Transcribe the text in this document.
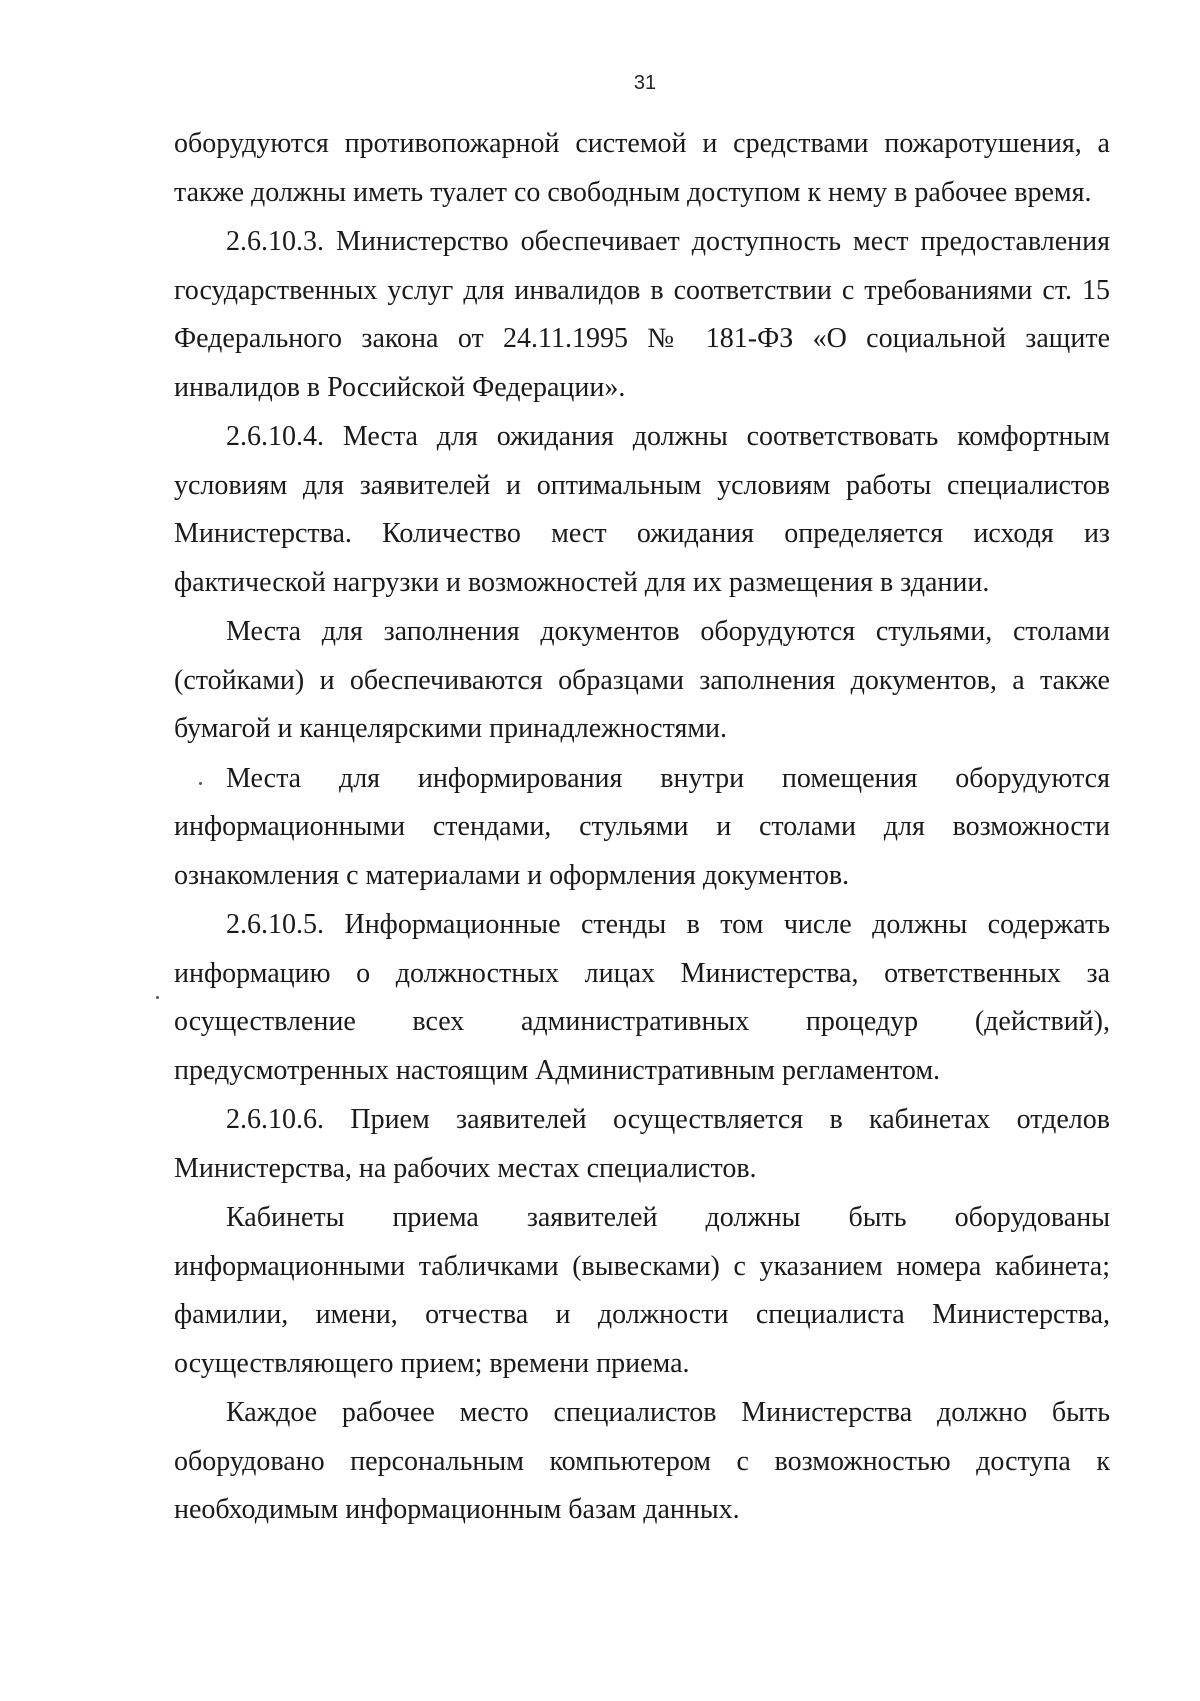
31

оборудуются противопожарной системой и средствами пожаротушения, а также должны иметь туалет со свободным доступом к нему в рабочее время.

2.6.10.3. Министерство обеспечивает доступность мест предоставления государственных услуг для инвалидов в соответствии с требованиями ст. 15 Федерального закона от 24.11.1995 № 181-ФЗ «О социальной защите инвалидов в Российской Федерации».

2.6.10.4. Места для ожидания должны соответствовать комфортным условиям для заявителей и оптимальным условиям работы специалистов Министерства. Количество мест ожидания определяется исходя из фактической нагрузки и возможностей для их размещения в здании.

Места для заполнения документов оборудуются стульями, столами (стойками) и обеспечиваются образцами заполнения документов, а также бумагой и канцелярскими принадлежностями.

Места для информирования внутри помещения оборудуются информационными стендами, стульями и столами для возможности ознакомления с материалами и оформления документов.

2.6.10.5. Информационные стенды в том числе должны содержать информацию о должностных лицах Министерства, ответственных за осуществление всех административных процедур (действий), предусмотренных настоящим Административным регламентом.

2.6.10.6. Прием заявителей осуществляется в кабинетах отделов Министерства, на рабочих местах специалистов.

Кабинеты приема заявителей должны быть оборудованы информационными табличками (вывесками) с указанием номера кабинета; фамилии, имени, отчества и должности специалиста Министерства, осуществляющего прием; времени приема.

Каждое рабочее место специалистов Министерства должно быть оборудовано персональным компьютером с возможностью доступа к необходимым информационным базам данных.
